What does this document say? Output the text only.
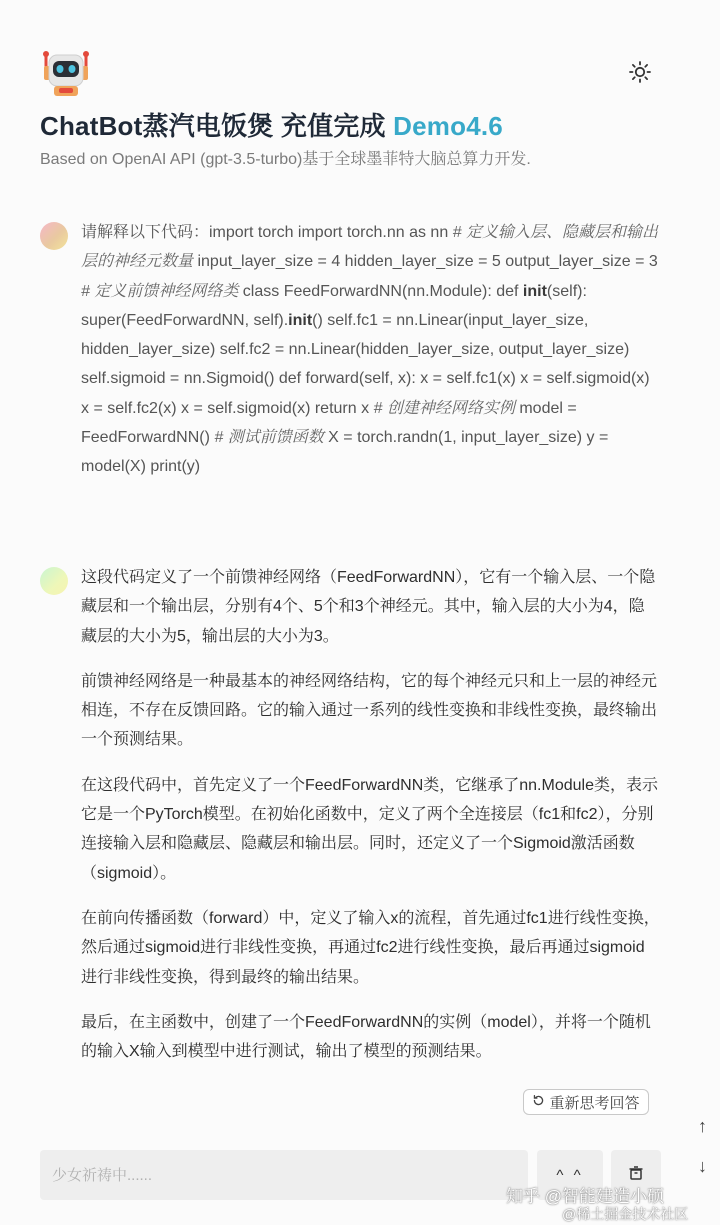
ChatBot蒸汽电饭煲 充值完成 Demo4.6
Based on OpenAI API (gpt-3.5-turbo)基于全球墨菲特大脑总算力开发.
请解释以下代码：import torch import torch.nn as nn # 定义输入层、隐藏层和输出层的神经元数量 input_layer_size = 4 hidden_layer_size = 5 output_layer_size = 3 # 定义前馈神经网络类 class FeedForwardNN(nn.Module): def init(self): super(FeedForwardNN, self).init() self.fc1 = nn.Linear(input_layer_size, hidden_layer_size) self.fc2 = nn.Linear(hidden_layer_size, output_layer_size) self.sigmoid = nn.Sigmoid() def forward(self, x): x = self.fc1(x) x = self.sigmoid(x) x = self.fc2(x) x = self.sigmoid(x) return x # 创建神经网络实例 model = FeedForwardNN() # 测试前馈函数 X = torch.randn(1, input_layer_size) y = model(X) print(y)

这段代码定义了一个前馈神经网络（FeedForwardNN），它有一个输入层、一个隐藏层和一个输出层，分别有4个、5个和3个神经元。其中，输入层的大小为4，隐藏层的大小为5，输出层的大小为3。

前馈神经网络是一种最基本的神经网络结构，它的每个神经元只和上一层的神经元相连，不存在反馈回路。它的输入通过一系列的线性变换和非线性变换，最终输出一个预测结果。

在这段代码中，首先定义了一个FeedForwardNN类，它继承了nn.Module类，表示它是一个PyTorch模型。在初始化函数中，定义了两个全连接层（fc1和fc2），分别连接输入层和隐藏层、隐藏层和输出层。同时，还定义了一个Sigmoid激活函数（sigmoid）。

在前向传播函数（forward）中，定义了输入x的流程，首先通过fc1进行线性变换，然后通过sigmoid进行非线性变换，再通过fc2进行线性变换，最后再通过sigmoid进行非线性变换，得到最终的输出结果。

最后，在主函数中，创建了一个FeedForwardNN的实例（model），并将一个随机的输入X输入到模型中进行测试，输出了模型的预测结果。

重新思考回答
↑
↓
少女祈祷中......
^ ^
知乎 @智能建造小硕
@稀土掘金技术社区
